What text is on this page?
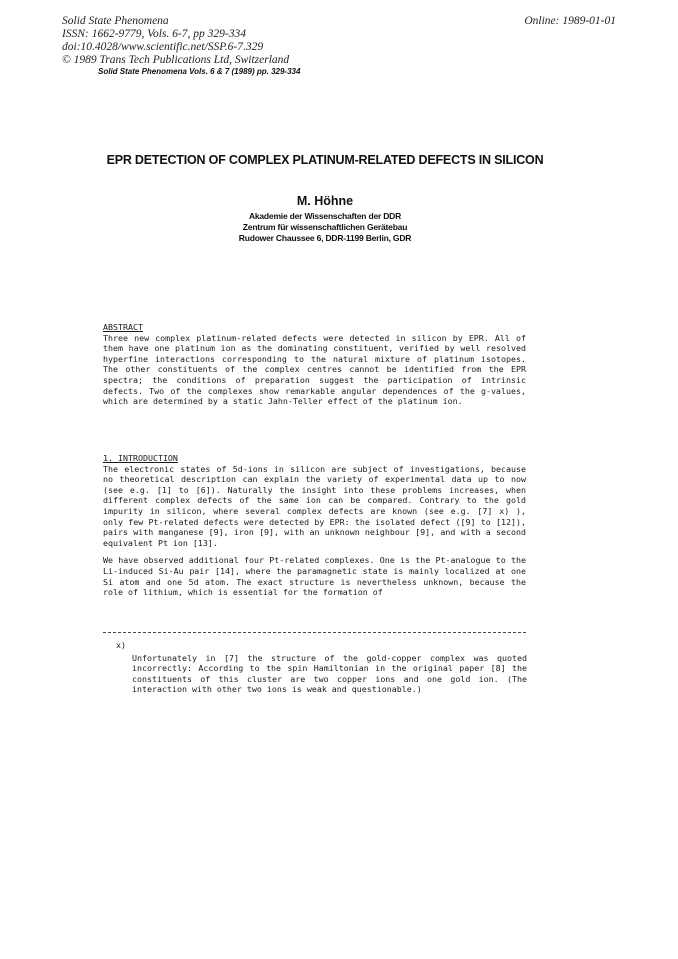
Solid State Phenomena
ISSN: 1662-9779, Vols. 6-7, pp 329-334
doi:10.4028/www.scientific.net/SSP.6-7.329
© 1989 Trans Tech Publications Ltd, Switzerland
Online: 1989-01-01
Solid State Phenomena Vols. 6 & 7 (1989) pp. 329-334
EPR DETECTION OF COMPLEX PLATINUM-RELATED DEFECTS IN SILICON
M. Höhne
Akademie der Wissenschaften der DDR
Zentrum für wissenschaftlichen Gerätebau
Rudower Chaussee 6, DDR-1199 Berlin, GDR

ABSTRACT

Three new complex platinum-related defects were detected in silicon by EPR. All of them have one platinum ion as the dominating constituent, verified by well resolved hyperfine interactions corresponding to the natural mixture of platinum isotopes. The other constituents of the complex centres cannot be identified from the EPR spectra; the conditions of preparation suggest the participation of intrinsic defects. Two of the complexes show remarkable angular dependences of the g-values, which are determined by a static Jahn-Teller effect of the platinum ion.

1. INTRODUCTION

The electronic states of 5d-ions in silicon are subject of investigations, because no theoretical description can explain the variety of experimental data up to now (see e.g. [1] to [6]). Naturally the insight into these problems increases, when different complex defects of the same ion can be compared. Contrary to the gold impurity in silicon, where several complex defects are known (see e.g. [7] x) ), only few Pt-related defects were detected by EPR: the isolated defect ([9] to [12]), pairs with manganese [9], iron [9], with an unknown neighbour [9], and with a second equivalent Pt ion [13].

We have observed additional four Pt-related complexes. One is the Pt-analogue to the Li-induced Si-Au pair [14], where the paramagnetic state is mainly localized at one Si atom and one 5d atom. The exact structure is nevertheless unknown, because the role of lithium, which is essential for the formation of

x)

Unfortunately in [7] the structure of the gold-copper complex was quoted incorrectly: According to the spin Hamiltonian in the original paper [8] the constituents of this cluster are two copper ions and one gold ion. (The interaction with other two ions is weak and questionable.)
